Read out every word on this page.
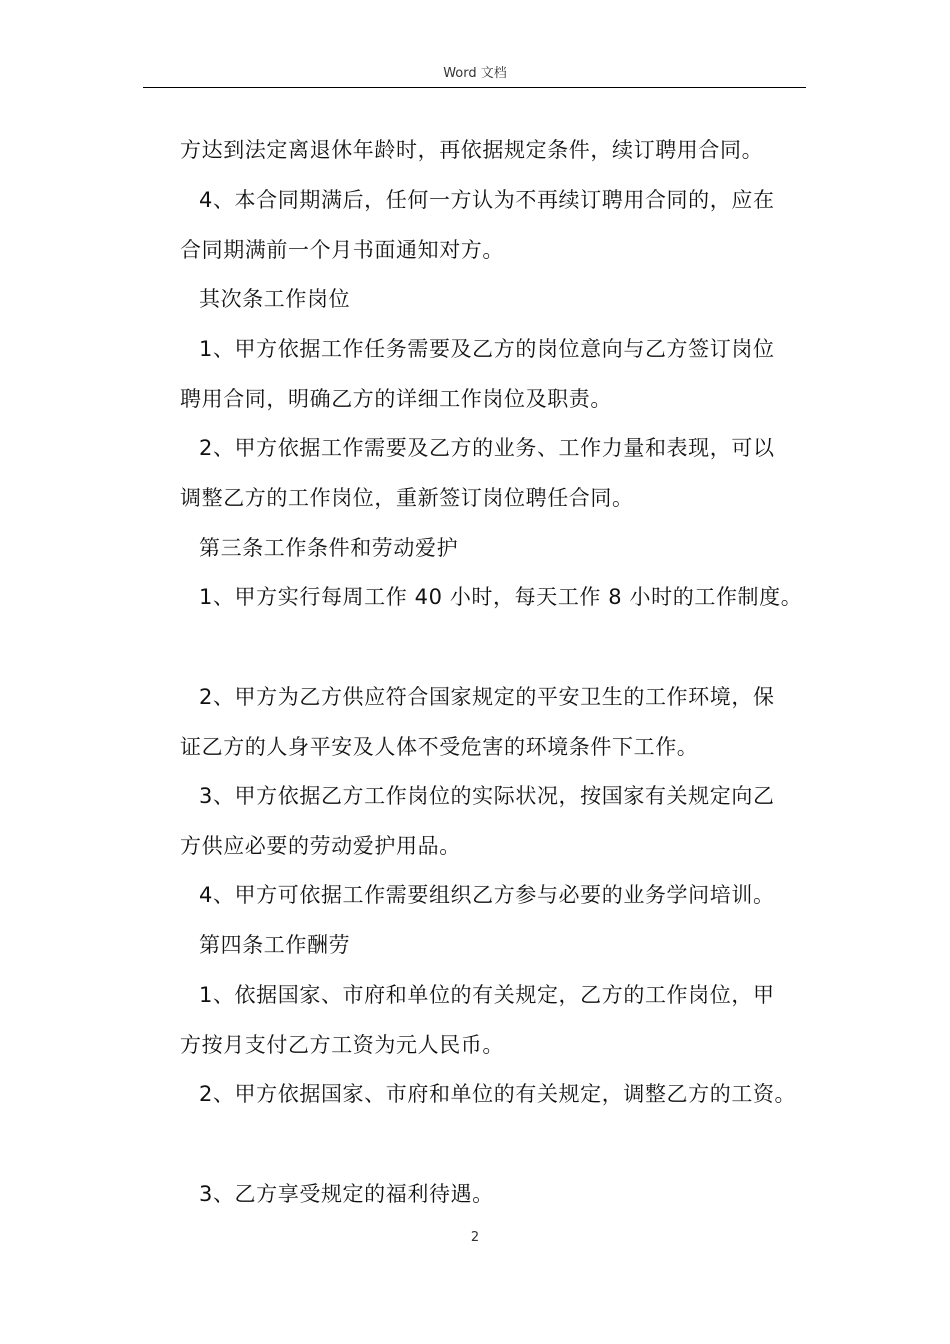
Word 文档
方达到法定离退休年龄时，再依据规定条件，续订聘用合同。
4、本合同期满后，任何一方认为不再续订聘用合同的，应在
合同期满前一个月书面通知对方。
其次条工作岗位
1、甲方依据工作任务需要及乙方的岗位意向与乙方签订岗位
聘用合同，明确乙方的详细工作岗位及职责。
2、甲方依据工作需要及乙方的业务、工作力量和表现，可以
调整乙方的工作岗位，重新签订岗位聘任合同。
第三条工作条件和劳动爱护
1、甲方实行每周工作 40 小时，每天工作 8 小时的工作制度。
2、甲方为乙方供应符合国家规定的平安卫生的工作环境，保
证乙方的人身平安及人体不受危害的环境条件下工作。
3、甲方依据乙方工作岗位的实际状况，按国家有关规定向乙
方供应必要的劳动爱护用品。
4、甲方可依据工作需要组织乙方参与必要的业务学问培训。
第四条工作酬劳
1、依据国家、市府和单位的有关规定，乙方的工作岗位，甲
方按月支付乙方工资为元人民币。
2、甲方依据国家、市府和单位的有关规定，调整乙方的工资。
3、乙方享受规定的福利待遇。
2
